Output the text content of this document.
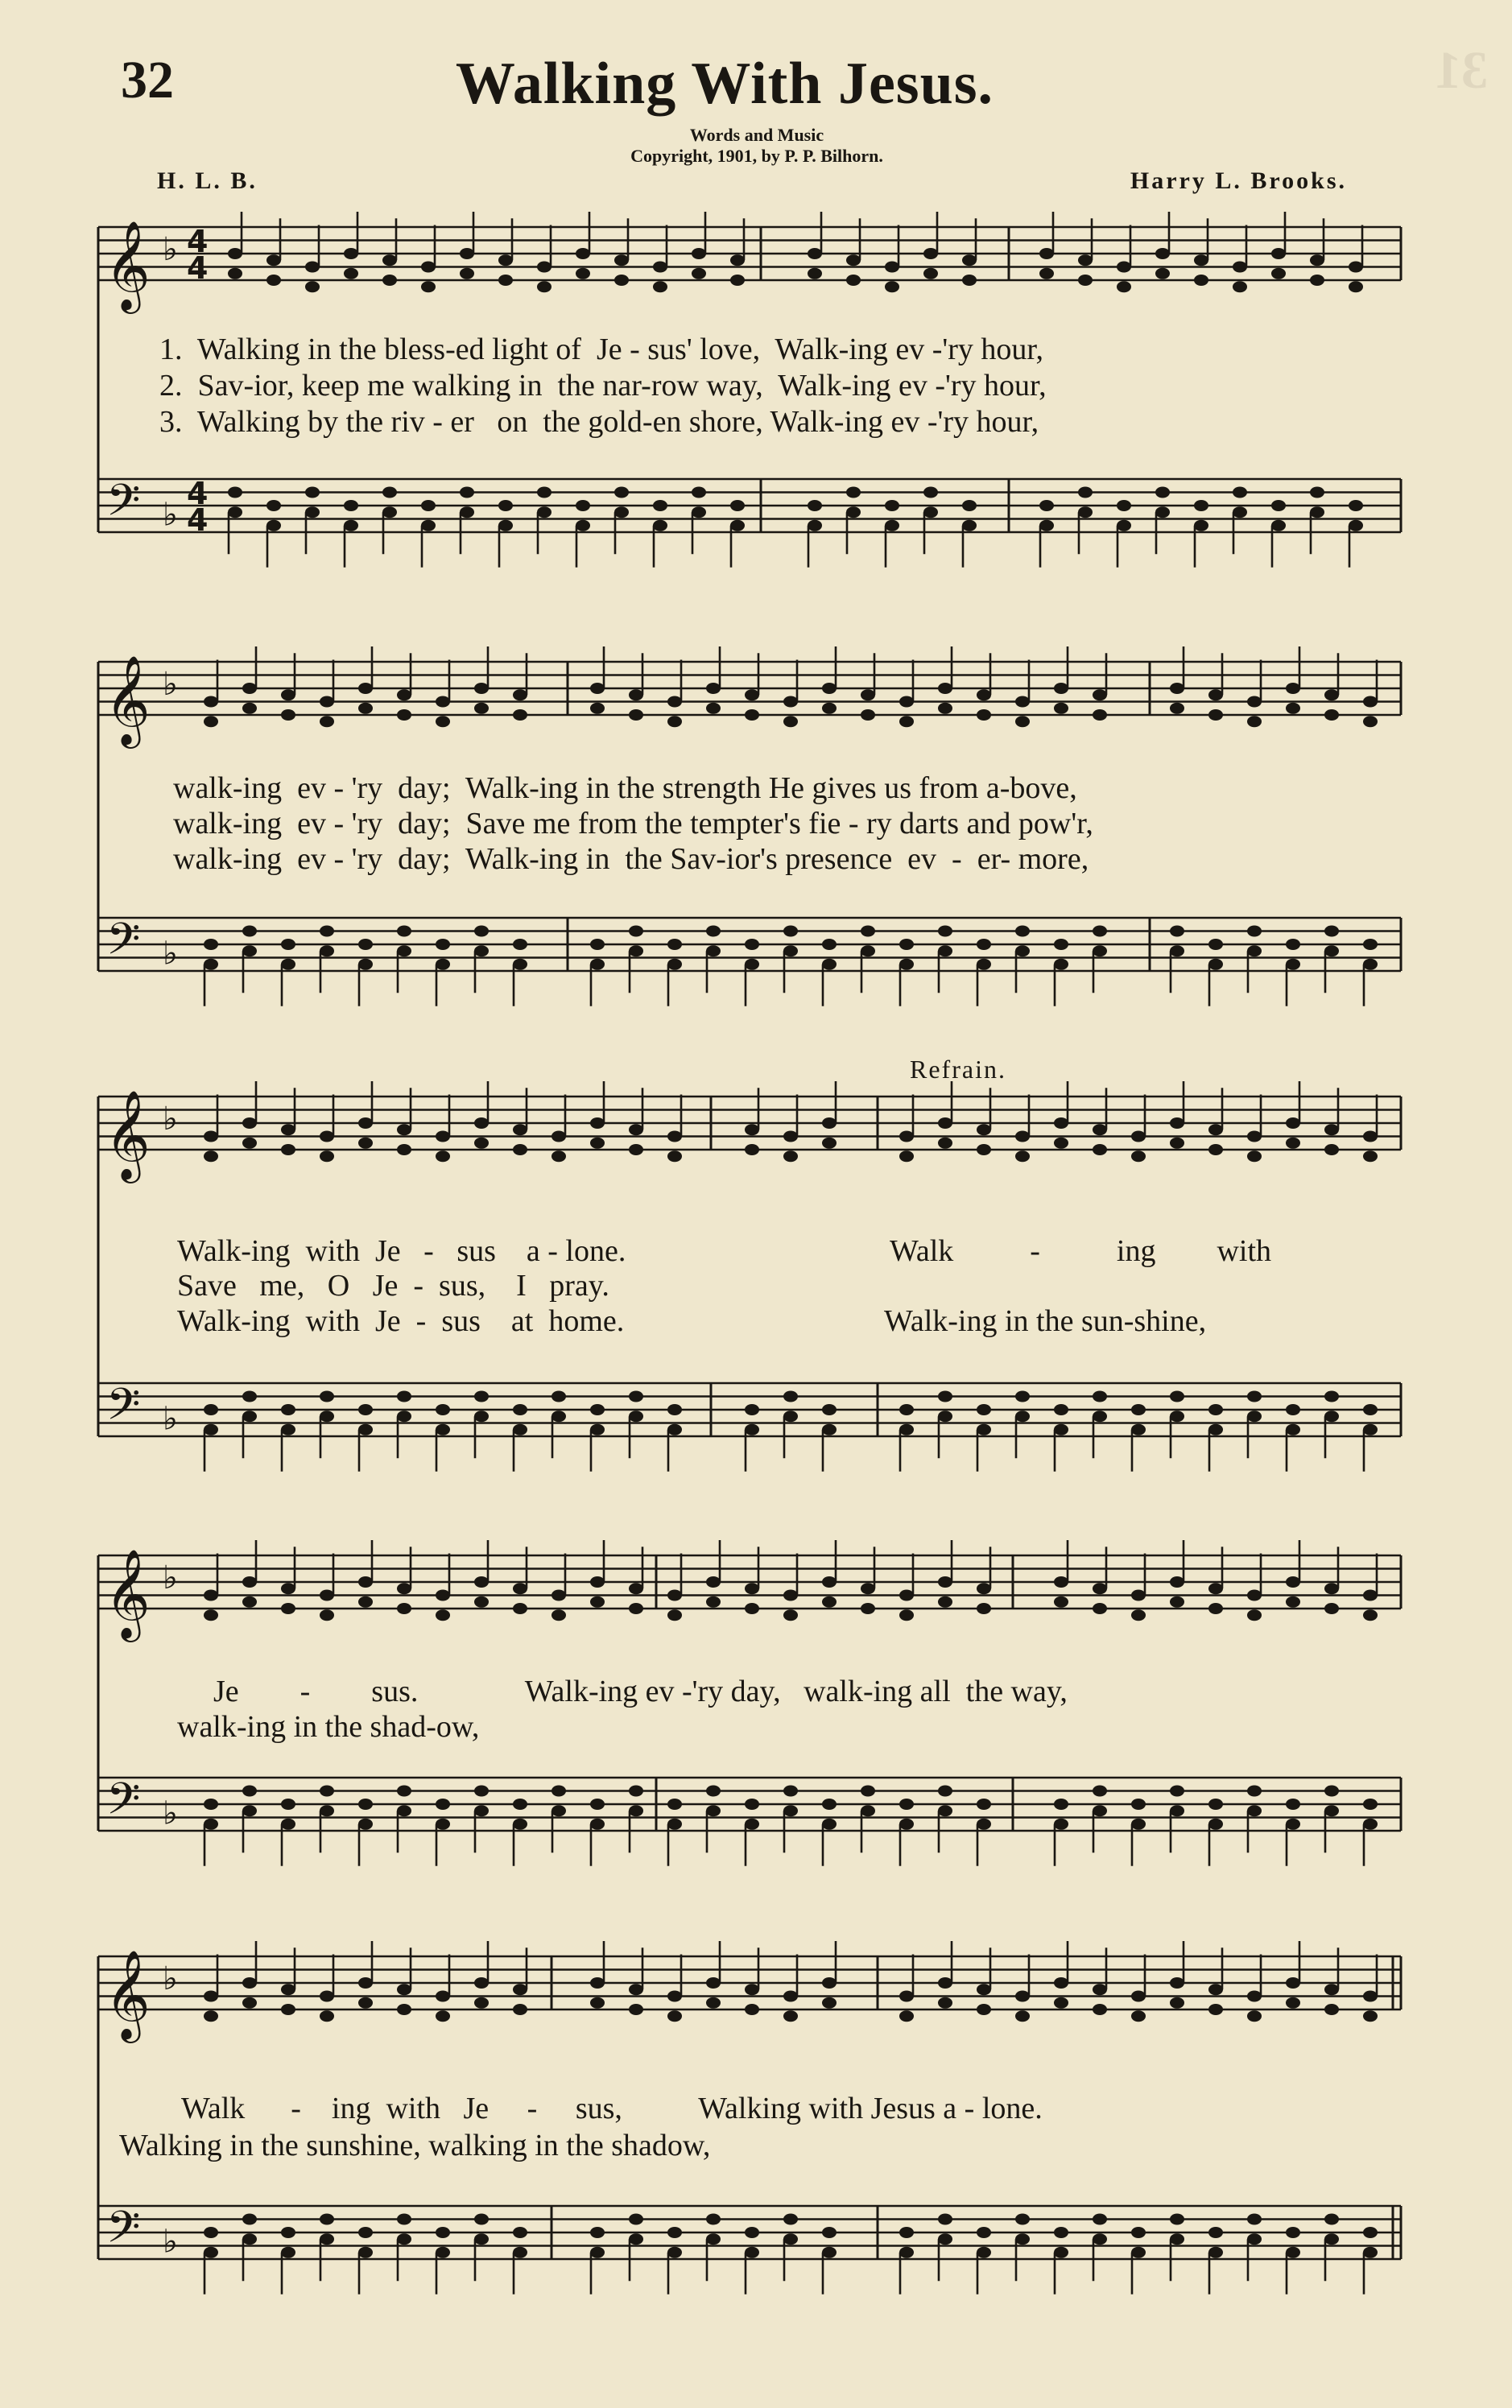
31
32	Walking With Jesus.
Words and Music
Copyright, 1901, by P. P. Bilhorn.
H. L. B.	Harry L. Brooks.
𝄞
𝄢
♭
♭
𝄞
𝄢
♭
♭
𝄞
𝄢
♭
♭
𝄞
𝄢
♭
♭
𝄞
𝄢
♭
♭
4
4
4
4
1.  Walking in the bless-ed light of  Je - sus' love,  Walk-ing ev -'ry hour,
2.  Sav-ior, keep me walking in  the nar-row way,  Walk-ing ev -'ry hour,
3.  Walking by the riv - er   on  the gold-en shore, Walk-ing ev -'ry hour,
walk-ing  ev - 'ry  day;  Walk-ing in the strength He gives us from a-bove,
walk-ing  ev - 'ry  day;  Save me from the tempter's fie - ry darts and pow'r,
walk-ing  ev - 'ry  day;  Walk-ing in  the Sav-ior's presence  ev  -  er- more,
Refrain.
Walk-ing  with  Je   -   sus    a - lone.
Save   me,   O   Je  -  sus,    I   pray.
Walk-ing  with  Je  -  sus    at  home.
Walk          -          ing        with
Walk-ing in the sun-shine,
Je        -        sus.              Walk-ing ev -'ry day,   walk-ing all  the way,
walk-ing in the shad-ow,
Walk      -    ing  with   Je     -     sus,          Walking with Jesus a - lone.
Walking in the sunshine, walking in the shadow,
